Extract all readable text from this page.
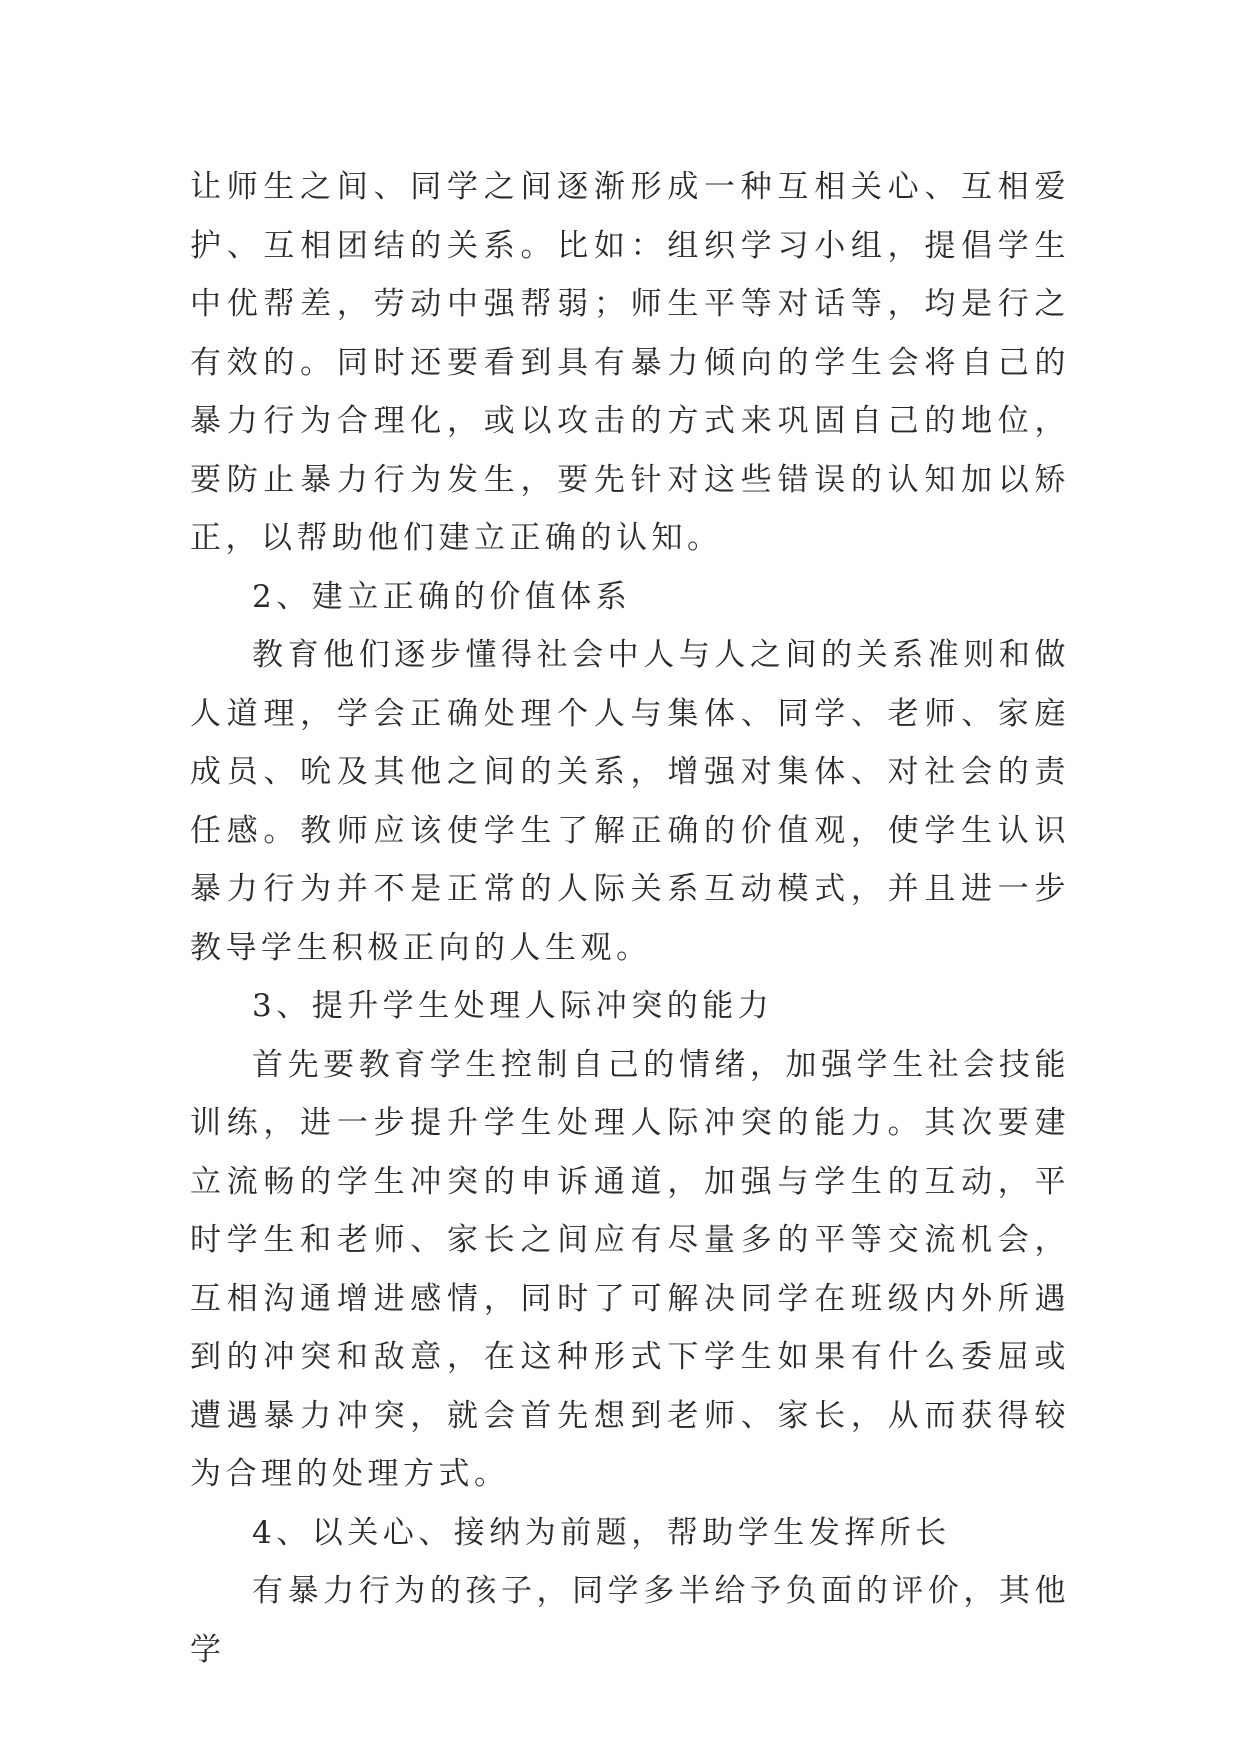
让师生之间、同学之间逐渐形成一种互相关心、互相爱护、互相团结的关系。比如：组织学习小组，提倡学生中优帮差，劳动中强帮弱；师生平等对话等，均是行之有效的。同时还要看到具有暴力倾向的学生会将自己的暴力行为合理化，或以攻击的方式来巩固自己的地位，要防止暴力行为发生，要先针对这些错误的认知加以矫正，以帮助他们建立正确的认知。

2、建立正确的价值体系

教育他们逐步懂得社会中人与人之间的关系准则和做人道理，学会正确处理个人与集体、同学、老师、家庭成员、吮及其他之间的关系，增强对集体、对社会的责任感。教师应该使学生了解正确的价值观，使学生认识暴力行为并不是正常的人际关系互动模式，并且进一步教导学生积极正向的人生观。

3、提升学生处理人际冲突的能力

首先要教育学生控制自己的情绪，加强学生社会技能训练，进一步提升学生处理人际冲突的能力。其次要建立流畅的学生冲突的申诉通道，加强与学生的互动，平时学生和老师、家长之间应有尽量多的平等交流机会，互相沟通增进感情，同时了可解决同学在班级内外所遇到的冲突和敌意，在这种形式下学生如果有什么委屈或遭遇暴力冲突，就会首先想到老师、家长，从而获得较为合理的处理方式。

4、以关心、接纳为前题，帮助学生发挥所长

有暴力行为的孩子，同学多半给予负面的评价，其他学
